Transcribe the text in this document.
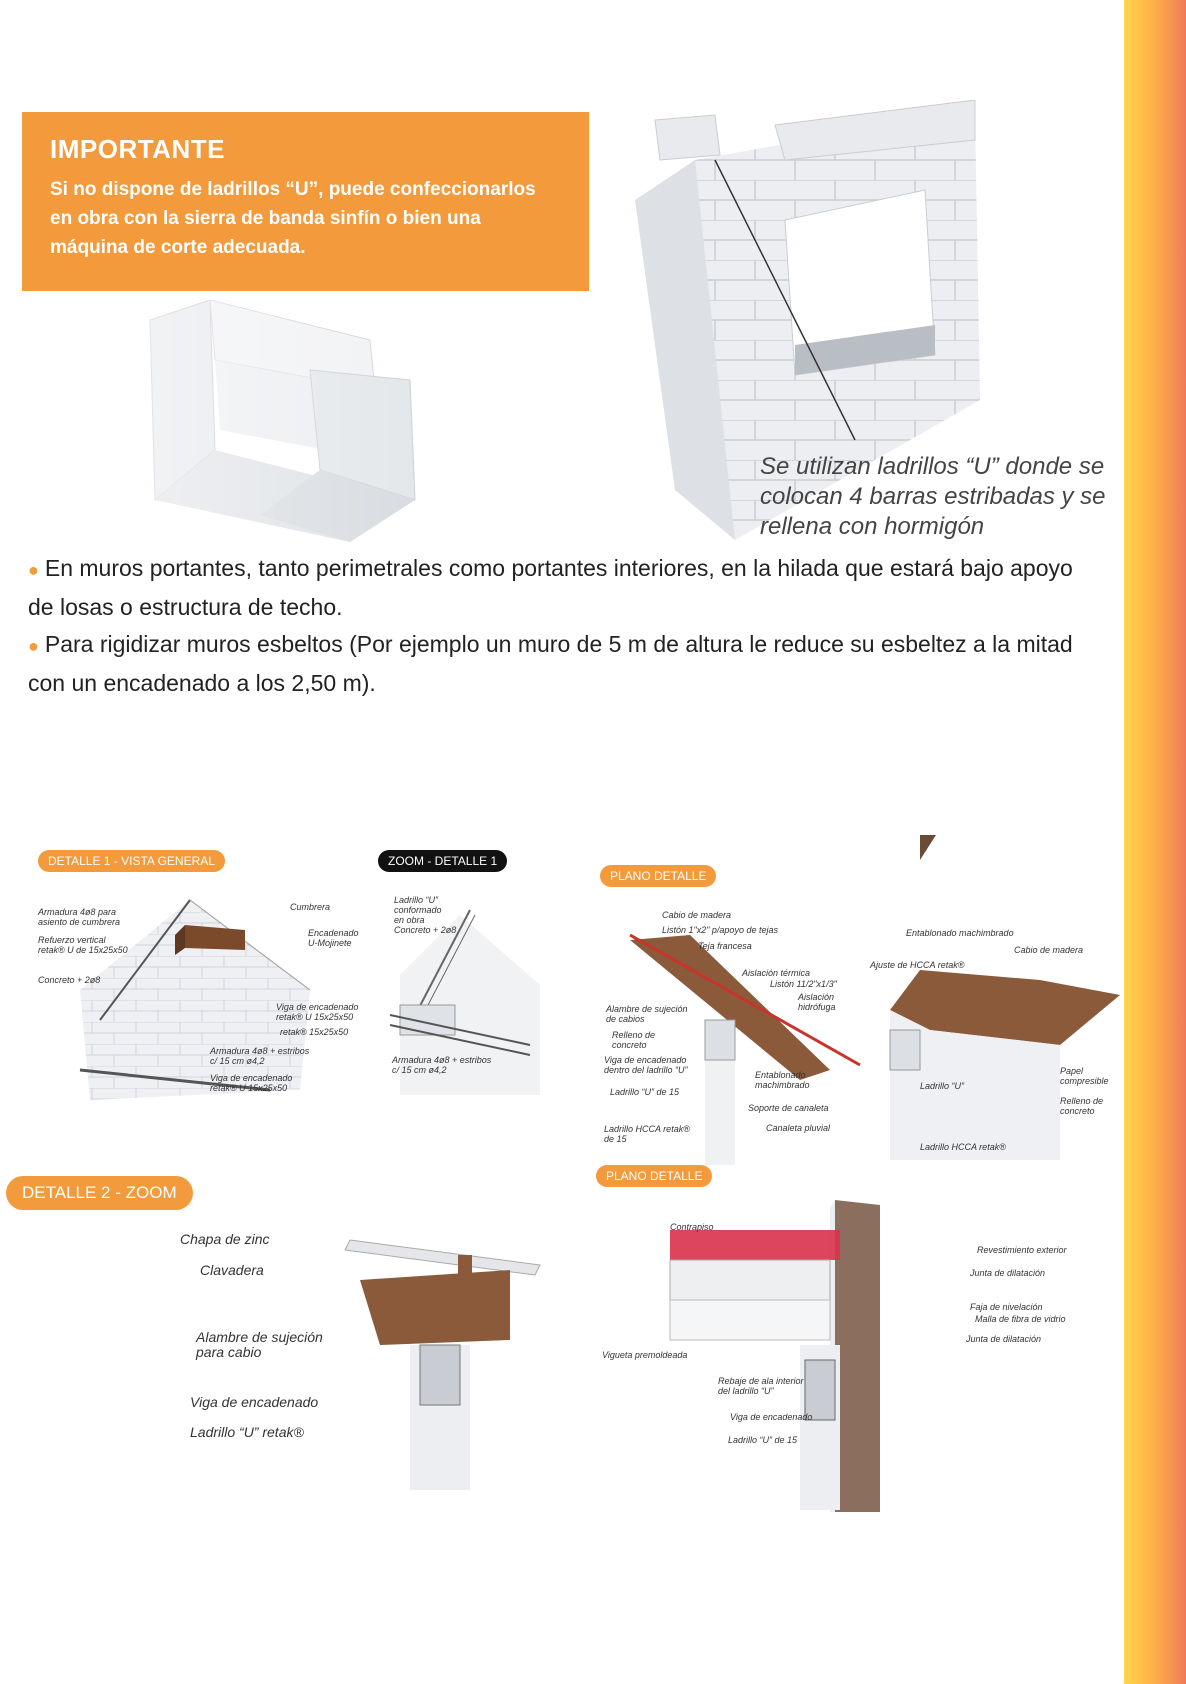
IMPORTANTE
Si no dispone de ladrillos “U”, puede confeccionarlos en obra con la sierra de banda sinfín o bien una máquina de corte adecuada.
Se utilizan ladrillos “U” donde se colocan 4 barras estribadas y se rellena con hormigón

● En muros portantes, tanto perimetrales como portantes interiores, en la hilada que estará bajo apoyo de losas o estructura de techo.

● Para rigidizar muros esbeltos (Por ejemplo un muro de 5 m de altura le reduce su esbeltez a la mitad con un encadenado a los 2,50 m).

DETALLE 1 - VISTA GENERAL
Armadura 4ø8 para
asiento de cumbrera
Cumbrera
Refuerzo vertical
retak® U de 15x25x50
Encadenado
U-Mojinete
Concreto + 2ø8
Viga de encadenado
retak® U 15x25x50
retak® 15x25x50
Armadura 4ø8 + estribos
c/ 15 cm ø4,2
Viga de encadenado
retak® U 15x25x50
ZOOM - DETALLE 1
Ladrillo “U”
conformado
en obra
Concreto + 2ø8
Armadura 4ø8 + estribos
c/ 15 cm ø4,2
PLANO DETALLE
Cabio de madera
Listón 1"x2" p/apoyo de tejas
Teja francesa
Aislación térmica
Listón 11/2"x1/3"
Aislación
hidrófuga
Alambre de sujeción
de cabios
Relleno de
concreto
Viga de encadenado
dentro del ladrillo “U”
Ladrillo “U” de 15
Entablonado
machimbrado
Soporte de canaleta
Canaleta pluvial
Ladrillo HCCA retak®
de 15
Entablonado machimbrado
Cabio de madera
Ajuste de HCCA retak®
Ladrillo “U”
Papel
compresible
Relleno de
concreto
Ladrillo HCCA retak®
DETALLE 2 - ZOOM
Chapa de zinc
Clavadera
Alambre de sujeción
para cabio
Viga de encadenado
Ladrillo “U” retak®
PLANO DETALLE
Contrapiso
Revestimiento exterior
Junta de dilatación
Faja de nivelación
Malla de fibra de vidrio
Junta de dilatación
Vigueta premoldeada
Rebaje de ala interior
del ladrillo “U”
Viga de encadenado
Ladrillo “U” de 15
